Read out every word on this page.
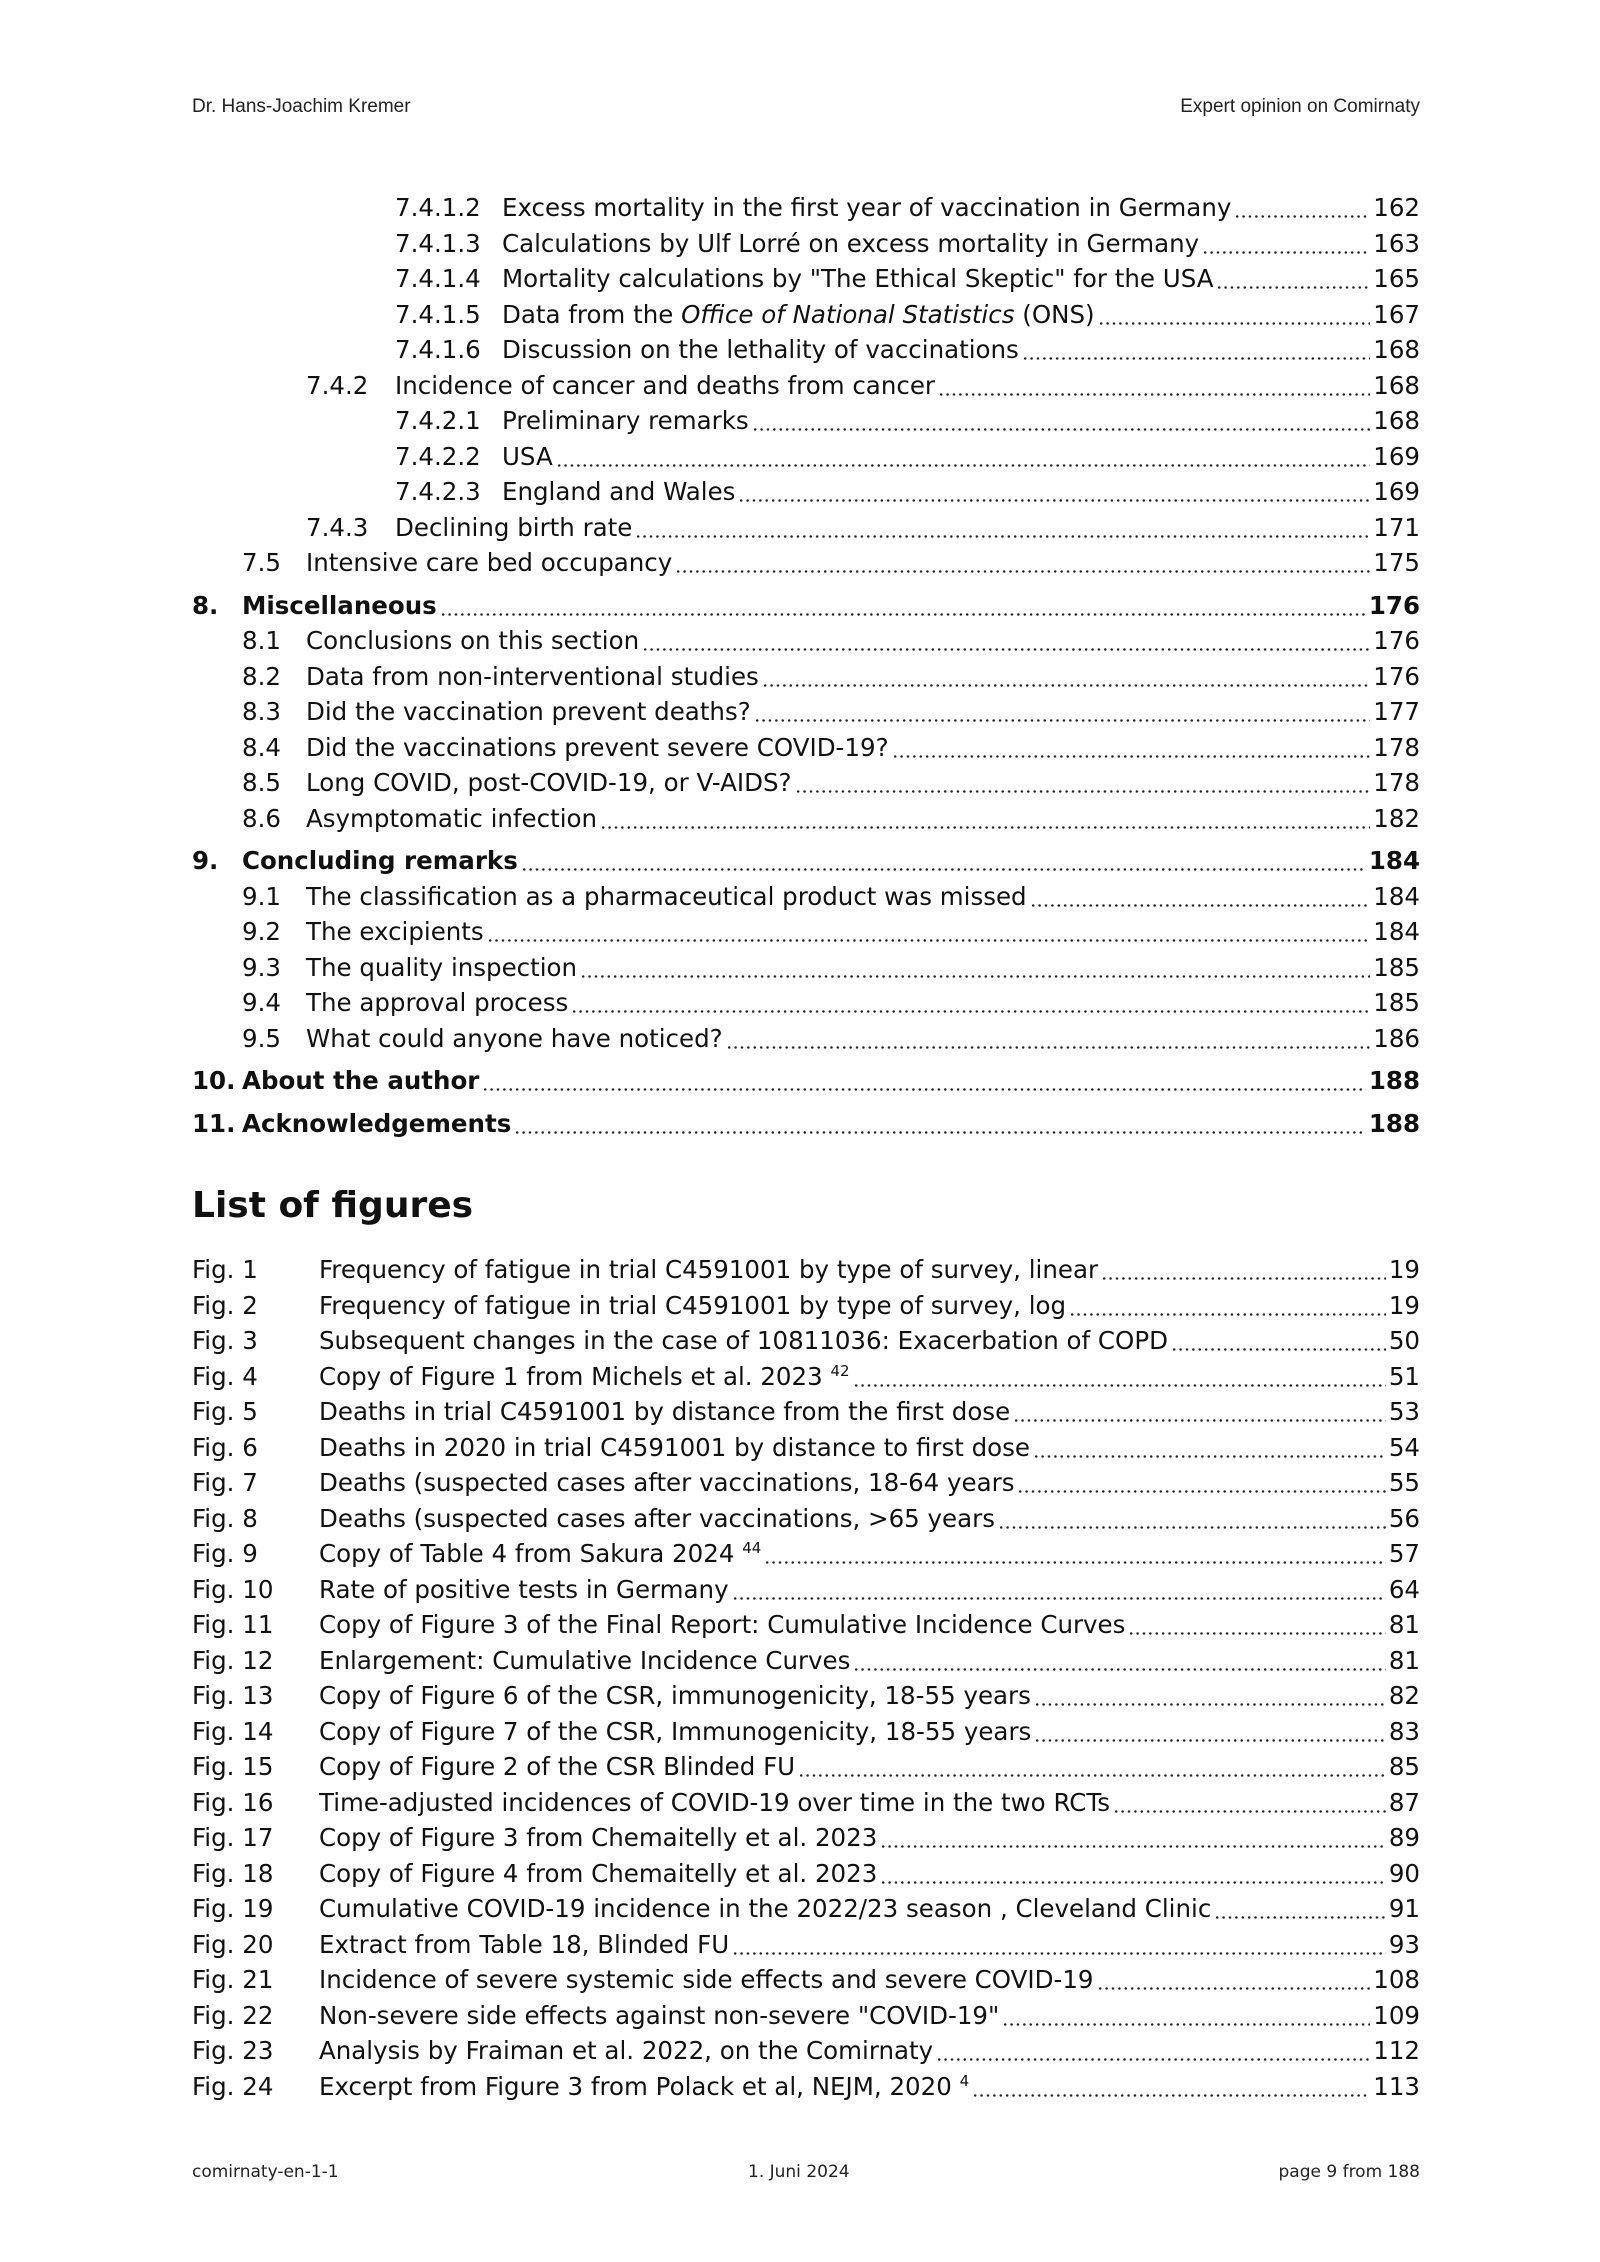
Dr. Hans-Joachim Kremer	Expert opinion on Comirnaty
7.4.1.2 Excess mortality in the first year of vaccination in Germany	162
7.4.1.3 Calculations by Ulf Lorré on excess mortality in Germany	163
7.4.1.4 Mortality calculations by "The Ethical Skeptic" for the USA	165
7.4.1.5 Data from the Office of National Statistics (ONS)	167
7.4.1.6 Discussion on the lethality of vaccinations	168
7.4.2 Incidence of cancer and deaths from cancer	168
7.4.2.1 Preliminary remarks	168
7.4.2.2 USA	169
7.4.2.3 England and Wales	169
7.4.3 Declining birth rate	171
7.5 Intensive care bed occupancy	175
8. Miscellaneous	176
8.1 Conclusions on this section	176
8.2 Data from non-interventional studies	176
8.3 Did the vaccination prevent deaths?	177
8.4 Did the vaccinations prevent severe COVID-19?	178
8.5 Long COVID, post-COVID-19, or V-AIDS?	178
8.6 Asymptomatic infection	182
9. Concluding remarks	184
9.1 The classification as a pharmaceutical product was missed	184
9.2 The excipients	184
9.3 The quality inspection	185
9.4 The approval process	185
9.5 What could anyone have noticed?	186
10. About the author	188
11. Acknowledgements	188
List of figures
Fig. 1 Frequency of fatigue in trial C4591001 by type of survey, linear	19
Fig. 2 Frequency of fatigue in trial C4591001 by type of survey, log	19
Fig. 3 Subsequent changes in the case of 10811036: Exacerbation of COPD	50
Fig. 4 Copy of Figure 1 from Michels et al. 2023 $^{42}$	51
Fig. 5 Deaths in trial C4591001 by distance from the first dose	53
Fig. 6 Deaths in 2020 in trial C4591001 by distance to first dose	54
Fig. 7 Deaths (suspected cases after vaccinations, 18-64 years	55
Fig. 8 Deaths (suspected cases after vaccinations, >65 years	56
Fig. 9 Copy of Table 4 from Sakura 2024 $^{44}$	57
Fig. 10 Rate of positive tests in Germany	64
Fig. 11 Copy of Figure 3 of the Final Report: Cumulative Incidence Curves	81
Fig. 12 Enlargement: Cumulative Incidence Curves	81
Fig. 13 Copy of Figure 6 of the CSR, immunogenicity, 18-55 years	82
Fig. 14 Copy of Figure 7 of the CSR, Immunogenicity, 18-55 years	83
Fig. 15 Copy of Figure 2 of the CSR Blinded FU	85
Fig. 16 Time-adjusted incidences of COVID-19 over time in the two RCTs	87
Fig. 17 Copy of Figure 3 from Chemaitelly et al. 2023	89
Fig. 18 Copy of Figure 4 from Chemaitelly et al. 2023	90
Fig. 19 Cumulative COVID-19 incidence in the 2022/23 season , Cleveland Clinic	91
Fig. 20 Extract from Table 18, Blinded FU	93
Fig. 21 Incidence of severe systemic side effects and severe COVID-19	108
Fig. 22 Non-severe side effects against non-severe "COVID-19"	109
Fig. 23 Analysis by Fraiman et al. 2022, on the Comirnaty	112
Fig. 24 Excerpt from Figure 3 from Polack et al, NEJM, 2020 $^4$	113
comirnaty-en-1-1	1. Juni 2024	page 9 from 188
